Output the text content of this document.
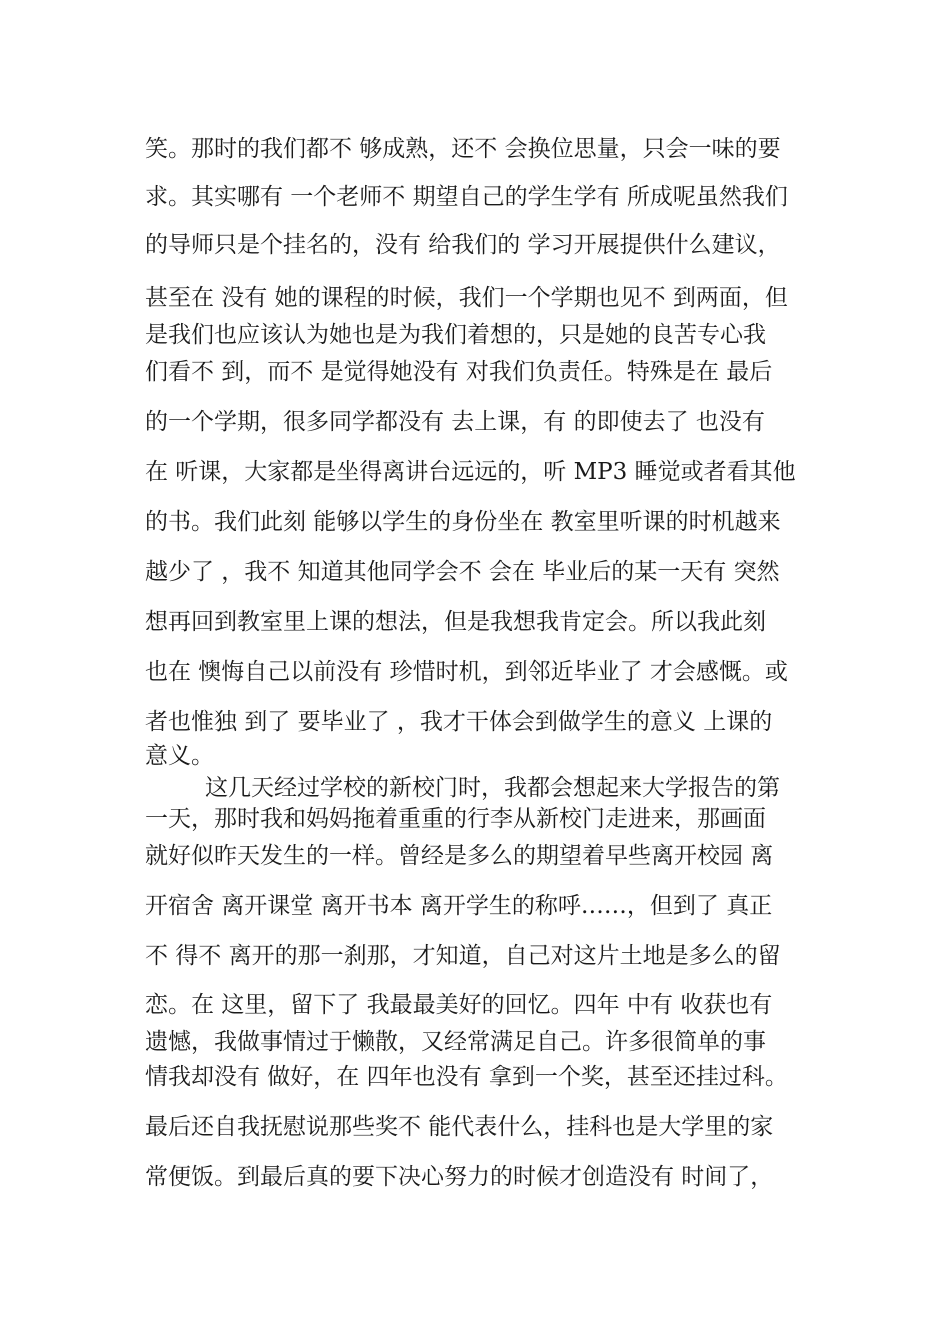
笑。那时的我们都不 够成熟，还不 会换位思量，只会一味的要
求。其实哪有 一个老师不 期望自己的学生学有 所成呢虽然我们
的导师只是个挂名的，没有 给我们的 学习开展提供什么建议，
甚至在 没有 她的课程的时候，我们一个学期也见不 到两面，但
是我们也应该认为她也是为我们着想的，只是她的良苦专心我
们看不 到，而不 是觉得她没有 对我们负责任。特殊是在 最后
的一个学期，很多同学都没有 去上课，有 的即使去了 也没有
在 听课，大家都是坐得离讲台远远的，听 MP3 睡觉或者看其他
的书。我们此刻 能够以学生的身份坐在 教室里听课的时机越来
越少了 ，我不 知道其他同学会不 会在 毕业后的某一天有 突然
想再回到教室里上课的想法，但是我想我肯定会。所以我此刻
也在 懊悔自己以前没有 珍惜时机，到邻近毕业了 才会感慨。或
者也惟独 到了 要毕业了 ，我才干体会到做学生的意义 上课的
意义。
这几天经过学校的新校门时，我都会想起来大学报告的第
一天，那时我和妈妈拖着重重的行李从新校门走进来，那画面
就好似昨天发生的一样。曾经是多么的期望着早些离开校园 离
开宿舍 离开课堂 离开书本 离开学生的称呼……，但到了 真正
不 得不 离开的那一刹那，才知道，自己对这片土地是多么的留
恋。在 这里，留下了 我最最美好的回忆。四年 中有 收获也有
遗憾，我做事情过于懒散，又经常满足自己。许多很简单的事
情我却没有 做好，在 四年也没有 拿到一个奖，甚至还挂过科。
最后还自我抚慰说那些奖不 能代表什么，挂科也是大学里的家
常便饭。到最后真的要下决心努力的时候才创造没有 时间了，
